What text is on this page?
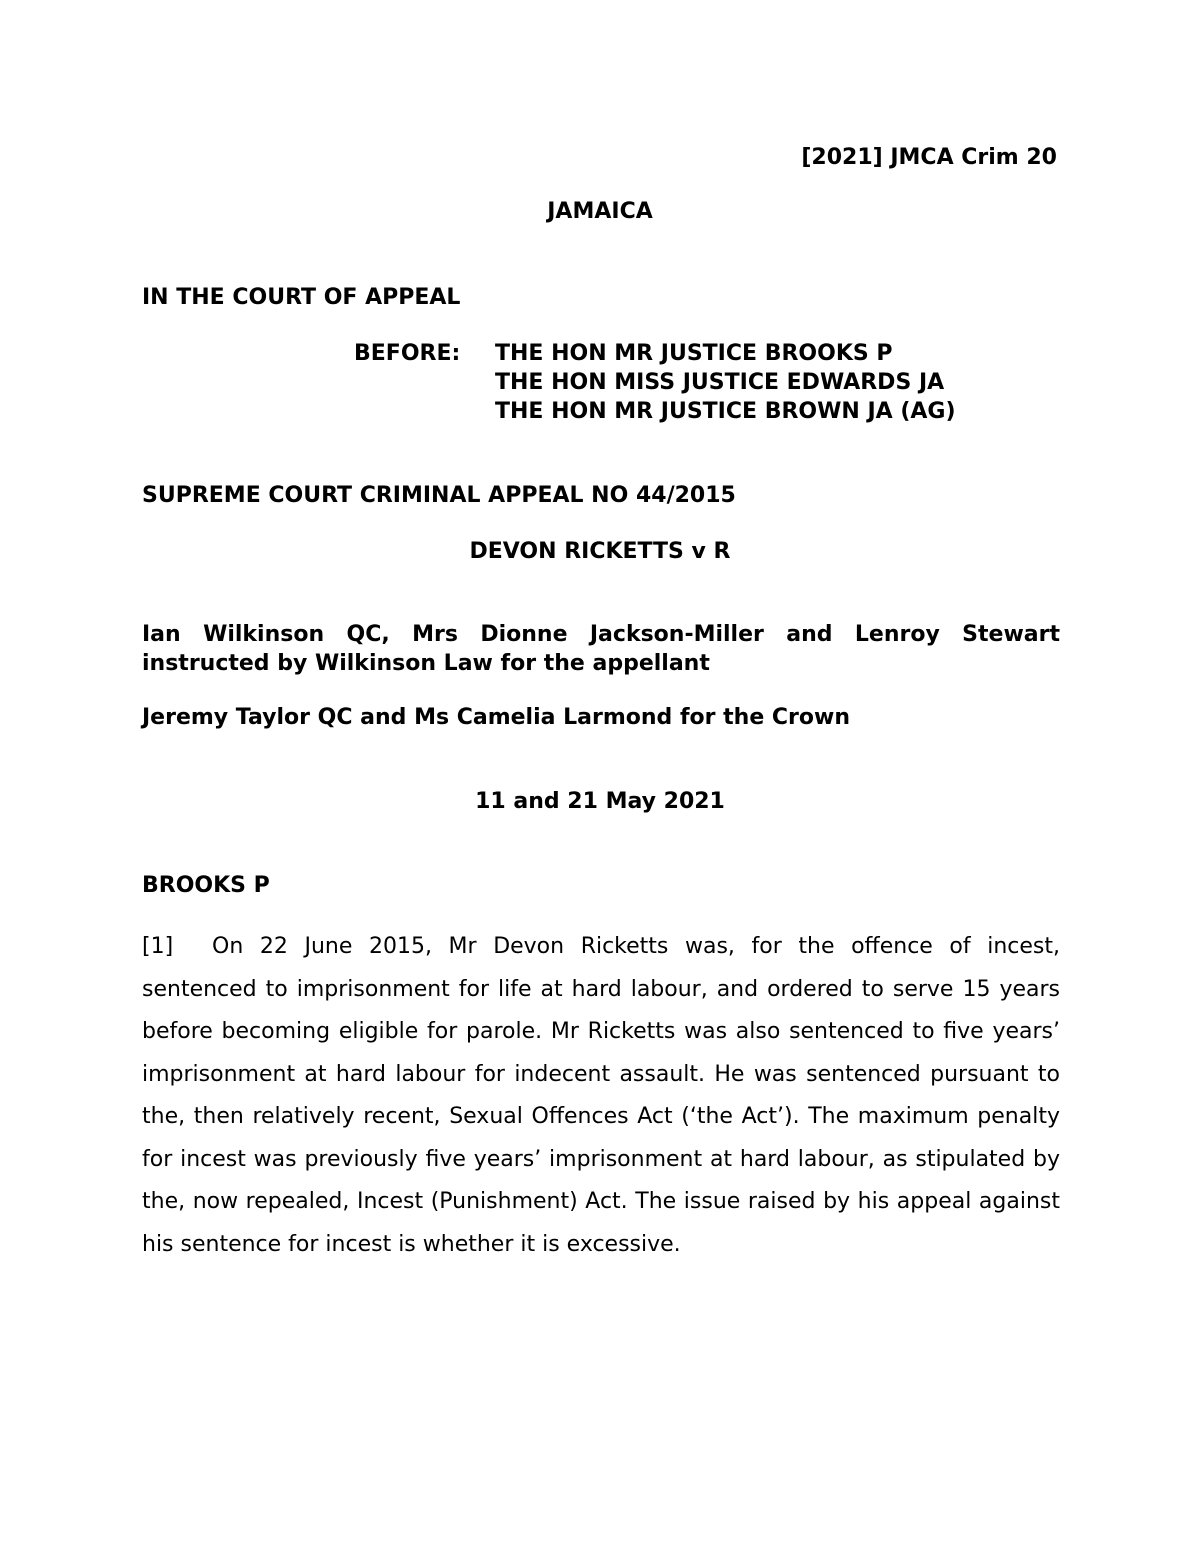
[2021] JMCA Crim 20
JAMAICA
IN THE COURT OF APPEAL
BEFORE: THE HON MR JUSTICE BROOKS P
THE HON MISS JUSTICE EDWARDS JA
THE HON MR JUSTICE BROWN JA (AG)
SUPREME COURT CRIMINAL APPEAL NO 44/2015
DEVON RICKETTS v R
Ian Wilkinson QC, Mrs Dionne Jackson-Miller and Lenroy Stewart instructed by Wilkinson Law for the appellant
Jeremy Taylor QC and Ms Camelia Larmond for the Crown
11 and 21 May 2021
BROOKS P
[1] On 22 June 2015, Mr Devon Ricketts was, for the offence of incest, sentenced to imprisonment for life at hard labour, and ordered to serve 15 years before becoming eligible for parole. Mr Ricketts was also sentenced to five years’ imprisonment at hard labour for indecent assault. He was sentenced pursuant to the, then relatively recent, Sexual Offences Act (‘the Act’). The maximum penalty for incest was previously five years’ imprisonment at hard labour, as stipulated by the, now repealed, Incest (Punishment) Act. The issue raised by his appeal against his sentence for incest is whether it is excessive.
